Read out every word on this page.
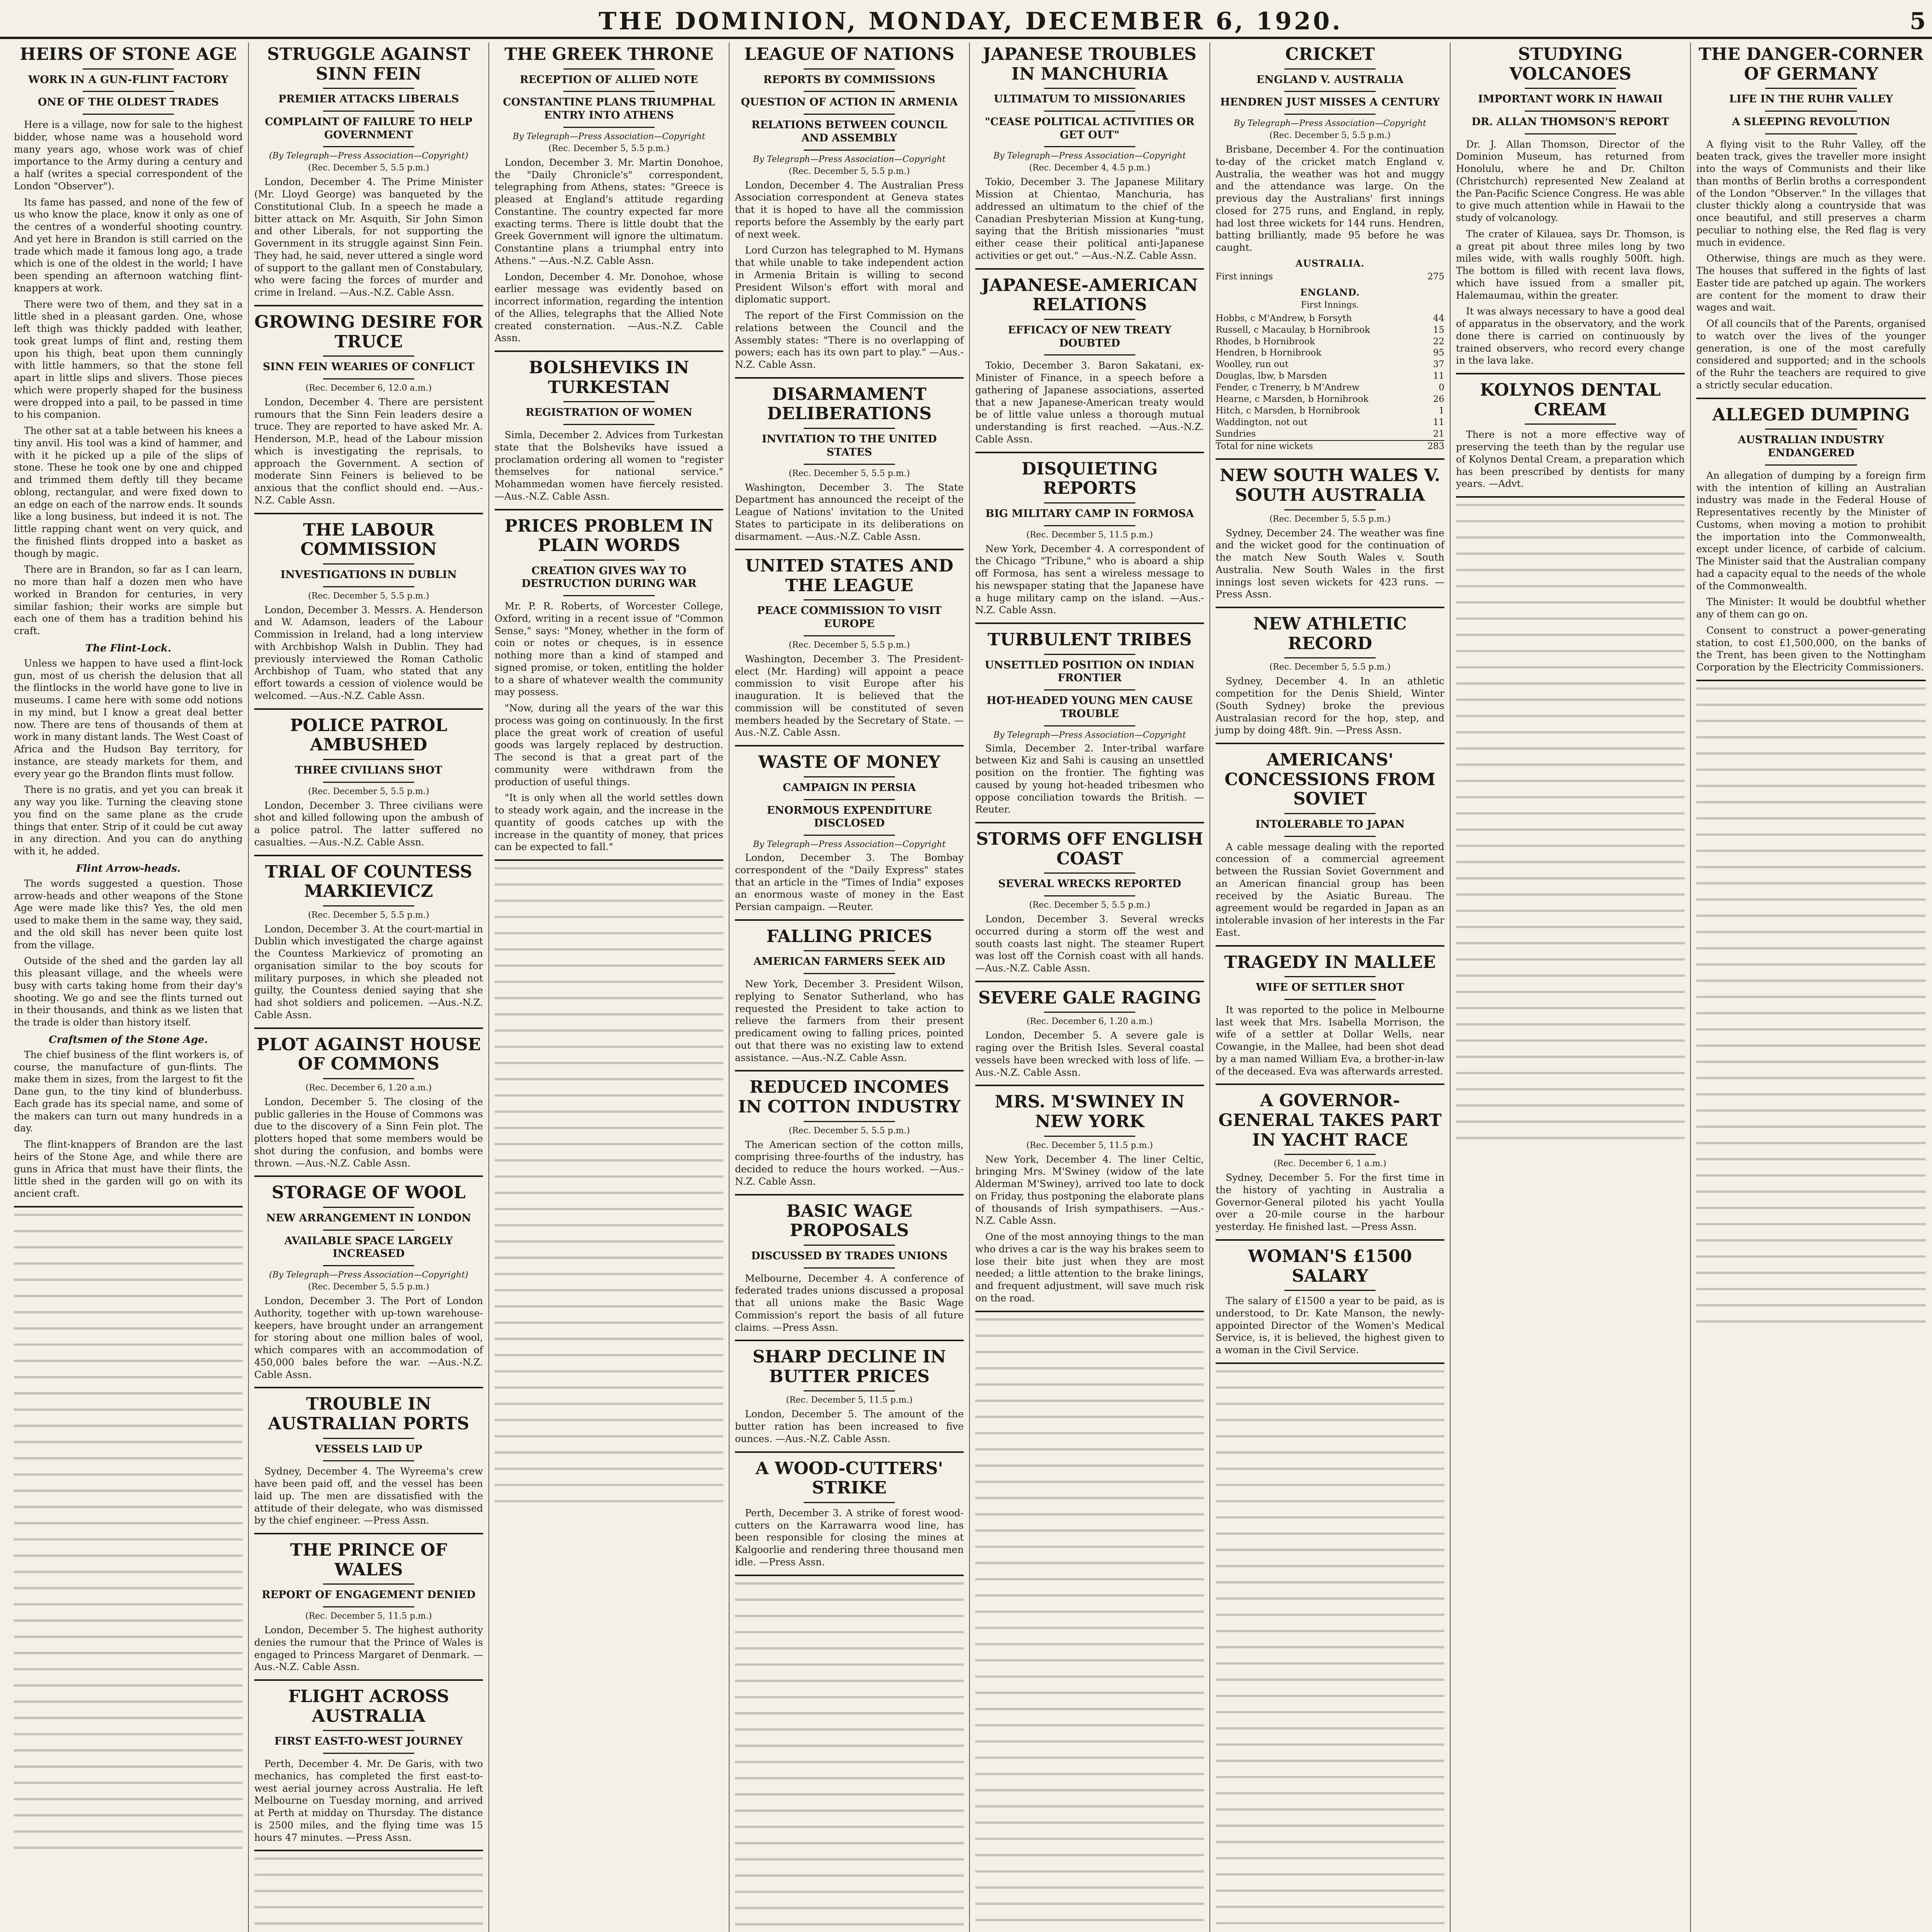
THE DOMINION, MONDAY, DECEMBER 6, 1920.	5
HEIRS OF STONE AGE
WORK IN A GUN-FLINT FACTORY
ONE OF THE OLDEST TRADES

Here is a village, now for sale to the highest bidder, whose name was a household word many years ago, whose work was of chief importance to the Army during a century and a half (writes a special correspondent of the London "Observer").

Its fame has passed, and none of the few of us who know the place, know it only as one of the centres of a wonderful shooting country. And yet here in Brandon is still carried on the trade which made it famous long ago, a trade which is one of the oldest in the world; I have been spending an afternoon watching flint-knappers at work.

There were two of them, and they sat in a little shed in a pleasant garden. One, whose left thigh was thickly padded with leather, took great lumps of flint and, resting them upon his thigh, beat upon them cunningly with little hammers, so that the stone fell apart in little slips and slivers. Those pieces which were properly shaped for the business were dropped into a pail, to be passed in time to his companion.

The other sat at a table between his knees a tiny anvil. His tool was a kind of hammer, and with it he picked up a pile of the slips of stone. These he took one by one and chipped and trimmed them deftly till they became oblong, rectangular, and were fixed down to an edge on each of the narrow ends. It sounds like a long business, but indeed it is not. The little rapping chant went on very quick, and the finished flints dropped into a basket as though by magic.

There are in Brandon, so far as I can learn, no more than half a dozen men who have worked in Brandon for centuries, in very similar fashion; their works are simple but each one of them has a tradition behind his craft.

The Flint-Lock.

Unless we happen to have used a flint-lock gun, most of us cherish the delusion that all the flintlocks in the world have gone to live in museums. I came here with some odd notions in my mind, but I know a great deal better now. There are tens of thousands of them at work in many distant lands. The West Coast of Africa and the Hudson Bay territory, for instance, are steady markets for them, and every year go the Brandon flints must follow.

There is no gratis, and yet you can break it any way you like. Turning the cleaving stone you find on the same plane as the crude things that enter. Strip of it could be cut away in any direction. And you can do anything with it, he added.

Flint Arrow-heads.

The words suggested a question. Those arrow-heads and other weapons of the Stone Age were made like this? Yes, the old men used to make them in the same way, they said, and the old skill has never been quite lost from the village.

Outside of the shed and the garden lay all this pleasant village, and the wheels were busy with carts taking home from their day's shooting. We go and see the flints turned out in their thousands, and think as we listen that the trade is older than history itself.

Craftsmen of the Stone Age.

The chief business of the flint workers is, of course, the manufacture of gun-flints. The make them in sizes, from the largest to fit the Dane gun, to the tiny kind of blunderbuss. Each grade has its special name, and some of the makers can turn out many hundreds in a day.

The flint-knappers of Brandon are the last heirs of the Stone Age, and while there are guns in Africa that must have their flints, the little shed in the garden will go on with its ancient craft.

STRUGGLE AGAINST SINN FEIN
PREMIER ATTACKS LIBERALS
COMPLAINT OF FAILURE TO HELP GOVERNMENT
(By Telegraph—Press Association—Copyright)
(Rec. December 5, 5.5 p.m.)

London, December 4. The Prime Minister (Mr. Lloyd George) was banqueted by the Constitutional Club. In a speech he made a bitter attack on Mr. Asquith, Sir John Simon and other Liberals, for not supporting the Government in its struggle against Sinn Fein. They had, he said, never uttered a single word of support to the gallant men of Constabulary, who were facing the forces of murder and crime in Ireland. —Aus.-N.Z. Cable Assn.

GROWING DESIRE FOR TRUCE
SINN FEIN WEARIES OF CONFLICT
(Rec. December 6, 12.0 a.m.)

London, December 4. There are persistent rumours that the Sinn Fein leaders desire a truce. They are reported to have asked Mr. A. Henderson, M.P., head of the Labour mission which is investigating the reprisals, to approach the Government. A section of moderate Sinn Feiners is believed to be anxious that the conflict should end. —Aus.-N.Z. Cable Assn.

THE LABOUR COMMISSION
INVESTIGATIONS IN DUBLIN
(Rec. December 5, 5.5 p.m.)

London, December 3. Messrs. A. Henderson and W. Adamson, leaders of the Labour Commission in Ireland, had a long interview with Archbishop Walsh in Dublin. They had previously interviewed the Roman Catholic Archbishop of Tuam, who stated that any effort towards a cession of violence would be welcomed. —Aus.-N.Z. Cable Assn.

POLICE PATROL AMBUSHED
THREE CIVILIANS SHOT
(Rec. December 5, 5.5 p.m.)

London, December 3. Three civilians were shot and killed following upon the ambush of a police patrol. The latter suffered no casualties. —Aus.-N.Z. Cable Assn.

TRIAL OF COUNTESS MARKIEVICZ
(Rec. December 5, 5.5 p.m.)

London, December 3. At the court-martial in Dublin which investigated the charge against the Countess Markievicz of promoting an organisation similar to the boy scouts for military purposes, in which she pleaded not guilty, the Countess denied saying that she had shot soldiers and policemen. —Aus.-N.Z. Cable Assn.

PLOT AGAINST HOUSE OF COMMONS
(Rec. December 6, 1.20 a.m.)

London, December 5. The closing of the public galleries in the House of Commons was due to the discovery of a Sinn Fein plot. The plotters hoped that some members would be shot during the confusion, and bombs were thrown. —Aus.-N.Z. Cable Assn.

STORAGE OF WOOL
NEW ARRANGEMENT IN LONDON
AVAILABLE SPACE LARGELY INCREASED
(By Telegraph—Press Association—Copyright)
(Rec. December 5, 5.5 p.m.)

London, December 3. The Port of London Authority, together with up-town warehouse-keepers, have brought under an arrangement for storing about one million bales of wool, which compares with an accommodation of 450,000 bales before the war. —Aus.-N.Z. Cable Assn.

TROUBLE IN AUSTRALIAN PORTS
VESSELS LAID UP

Sydney, December 4. The Wyreema's crew have been paid off, and the vessel has been laid up. The men are dissatisfied with the attitude of their delegate, who was dismissed by the chief engineer. —Press Assn.

THE PRINCE OF WALES
REPORT OF ENGAGEMENT DENIED
(Rec. December 5, 11.5 p.m.)

London, December 5. The highest authority denies the rumour that the Prince of Wales is engaged to Princess Margaret of Denmark. —Aus.-N.Z. Cable Assn.

FLIGHT ACROSS AUSTRALIA
FIRST EAST-TO-WEST JOURNEY

Perth, December 4. Mr. De Garis, with two mechanics, has completed the first east-to-west aerial journey across Australia. He left Melbourne on Tuesday morning, and arrived at Perth at midday on Thursday. The distance is 2500 miles, and the flying time was 15 hours 47 minutes. —Press Assn.

THE GREEK THRONE
RECEPTION OF ALLIED NOTE
CONSTANTINE PLANS TRIUMPHAL ENTRY INTO ATHENS
By Telegraph—Press Association—Copyright
(Rec. December 5, 5.5 p.m.)

London, December 3. Mr. Martin Donohoe, the "Daily Chronicle's" correspondent, telegraphing from Athens, states: "Greece is pleased at England's attitude regarding Constantine. The country expected far more exacting terms. There is little doubt that the Greek Government will ignore the ultimatum. Constantine plans a triumphal entry into Athens." —Aus.-N.Z. Cable Assn.

London, December 4. Mr. Donohoe, whose earlier message was evidently based on incorrect information, regarding the intention of the Allies, telegraphs that the Allied Note created consternation. —Aus.-N.Z. Cable Assn.

BOLSHEVIKS IN TURKESTAN
REGISTRATION OF WOMEN

Simla, December 2. Advices from Turkestan state that the Bolsheviks have issued a proclamation ordering all women to "register themselves for national service." Mohammedan women have fiercely resisted. —Aus.-N.Z. Cable Assn.

PRICES PROBLEM IN PLAIN WORDS
CREATION GIVES WAY TO DESTRUCTION DURING WAR

Mr. P. R. Roberts, of Worcester College, Oxford, writing in a recent issue of "Common Sense," says: "Money, whether in the form of coin or notes or cheques, is in essence nothing more than a kind of stamped and signed promise, or token, entitling the holder to a share of whatever wealth the community may possess.

"Now, during all the years of the war this process was going on continuously. In the first place the great work of creation of useful goods was largely replaced by destruction. The second is that a great part of the community were withdrawn from the production of useful things.

"It is only when all the world settles down to steady work again, and the increase in the quantity of goods catches up with the increase in the quantity of money, that prices can be expected to fall."

LEAGUE OF NATIONS
REPORTS BY COMMISSIONS
QUESTION OF ACTION IN ARMENIA
RELATIONS BETWEEN COUNCIL AND ASSEMBLY
By Telegraph—Press Association—Copyright
(Rec. December 5, 5.5 p.m.)

London, December 4. The Australian Press Association correspondent at Geneva states that it is hoped to have all the commission reports before the Assembly by the early part of next week.

Lord Curzon has telegraphed to M. Hymans that while unable to take independent action in Armenia Britain is willing to second President Wilson's effort with moral and diplomatic support.

The report of the First Commission on the relations between the Council and the Assembly states: "There is no overlapping of powers; each has its own part to play." —Aus.-N.Z. Cable Assn.

DISARMAMENT DELIBERATIONS
INVITATION TO THE UNITED STATES
(Rec. December 5, 5.5 p.m.)

Washington, December 3. The State Department has announced the receipt of the League of Nations' invitation to the United States to participate in its deliberations on disarmament. —Aus.-N.Z. Cable Assn.

UNITED STATES AND THE LEAGUE
PEACE COMMISSION TO VISIT EUROPE
(Rec. December 5, 5.5 p.m.)

Washington, December 3. The President-elect (Mr. Harding) will appoint a peace commission to visit Europe after his inauguration. It is believed that the commission will be constituted of seven members headed by the Secretary of State. —Aus.-N.Z. Cable Assn.

WASTE OF MONEY
CAMPAIGN IN PERSIA
ENORMOUS EXPENDITURE DISCLOSED
By Telegraph—Press Association—Copyright

London, December 3. The Bombay correspondent of the "Daily Express" states that an article in the "Times of India" exposes an enormous waste of money in the East Persian campaign. —Reuter.

FALLING PRICES
AMERICAN FARMERS SEEK AID

New York, December 3. President Wilson, replying to Senator Sutherland, who has requested the President to take action to relieve the farmers from their present predicament owing to falling prices, pointed out that there was no existing law to extend assistance. —Aus.-N.Z. Cable Assn.

REDUCED INCOMES IN COTTON INDUSTRY
(Rec. December 5, 5.5 p.m.)

The American section of the cotton mills, comprising three-fourths of the industry, has decided to reduce the hours worked. —Aus.-N.Z. Cable Assn.

BASIC WAGE PROPOSALS
DISCUSSED BY TRADES UNIONS

Melbourne, December 4. A conference of federated trades unions discussed a proposal that all unions make the Basic Wage Commission's report the basis of all future claims. —Press Assn.

SHARP DECLINE IN BUTTER PRICES
(Rec. December 5, 11.5 p.m.)

London, December 5. The amount of the butter ration has been increased to five ounces. —Aus.-N.Z. Cable Assn.

A WOOD-CUTTERS' STRIKE

Perth, December 3. A strike of forest wood-cutters on the Karrawarra wood line, has been responsible for closing the mines at Kalgoorlie and rendering three thousand men idle. —Press Assn.

JAPANESE TROUBLES IN MANCHURIA
ULTIMATUM TO MISSIONARIES
"CEASE POLITICAL ACTIVITIES OR GET OUT"
By Telegraph—Press Association—Copyright
(Rec. December 4, 4.5 p.m.)

Tokio, December 3. The Japanese Military Mission at Chientao, Manchuria, has addressed an ultimatum to the chief of the Canadian Presbyterian Mission at Kung-tung, saying that the British missionaries "must either cease their political anti-Japanese activities or get out." —Aus.-N.Z. Cable Assn.

JAPANESE-AMERICAN RELATIONS
EFFICACY OF NEW TREATY DOUBTED

Tokio, December 3. Baron Sakatani, ex-Minister of Finance, in a speech before a gathering of Japanese associations, asserted that a new Japanese-American treaty would be of little value unless a thorough mutual understanding is first reached. —Aus.-N.Z. Cable Assn.

DISQUIETING REPORTS
BIG MILITARY CAMP IN FORMOSA
(Rec. December 5, 11.5 p.m.)

New York, December 4. A correspondent of the Chicago "Tribune," who is aboard a ship off Formosa, has sent a wireless message to his newspaper stating that the Japanese have a huge military camp on the island. —Aus.-N.Z. Cable Assn.

TURBULENT TRIBES
UNSETTLED POSITION ON INDIAN FRONTIER
HOT-HEADED YOUNG MEN CAUSE TROUBLE
By Telegraph—Press Association—Copyright

Simla, December 2. Inter-tribal warfare between Kiz and Sahi is causing an unsettled position on the frontier. The fighting was caused by young hot-headed tribesmen who oppose conciliation towards the British. —Reuter.

STORMS OFF ENGLISH COAST
SEVERAL WRECKS REPORTED
(Rec. December 5, 5.5 p.m.)

London, December 3. Several wrecks occurred during a storm off the west and south coasts last night. The steamer Rupert was lost off the Cornish coast with all hands. —Aus.-N.Z. Cable Assn.

SEVERE GALE RAGING
(Rec. December 6, 1.20 a.m.)

London, December 5. A severe gale is raging over the British Isles. Several coastal vessels have been wrecked with loss of life. —Aus.-N.Z. Cable Assn.

MRS. M'SWINEY IN NEW YORK
(Rec. December 5, 11.5 p.m.)

New York, December 4. The liner Celtic, bringing Mrs. M'Swiney (widow of the late Alderman M'Swiney), arrived too late to dock on Friday, thus postponing the elaborate plans of thousands of Irish sympathisers. —Aus.-N.Z. Cable Assn.

One of the most annoying things to the man who drives a car is the way his brakes seem to lose their bite just when they are most needed; a little attention to the brake linings, and frequent adjustment, will save much risk on the road.

CRICKET
ENGLAND V. AUSTRALIA
HENDREN JUST MISSES A CENTURY
By Telegraph—Press Association—Copyright
(Rec. December 5, 5.5 p.m.)

Brisbane, December 4. For the continuation to-day of the cricket match England v. Australia, the weather was hot and muggy and the attendance was large. On the previous day the Australians' first innings closed for 275 runs, and England, in reply, had lost three wickets for 144 runs. Hendren, batting brilliantly, made 95 before he was caught.

AUSTRALIA.
First innings	275
ENGLAND.
First Innings.
Hobbs, c M'Andrew, b Forsyth	44
Russell, c Macaulay, b Hornibrook	15
Rhodes, b Hornibrook	22
Hendren, b Hornibrook	95
Woolley, run out	37
Douglas, lbw, b Marsden	11
Fender, c Trenerry, b M'Andrew	0
Hearne, c Marsden, b Hornibrook	26
Hitch, c Marsden, b Hornibrook	1
Waddington, not out	11
Sundries	21
Total for nine wickets	283
NEW SOUTH WALES V. SOUTH AUSTRALIA
(Rec. December 5, 5.5 p.m.)

Sydney, December 24. The weather was fine and the wicket good for the continuation of the match New South Wales v. South Australia. New South Wales in the first innings lost seven wickets for 423 runs. —Press Assn.

NEW ATHLETIC RECORD
(Rec. December 5, 5.5 p.m.)

Sydney, December 4. In an athletic competition for the Denis Shield, Winter (South Sydney) broke the previous Australasian record for the hop, step, and jump by doing 48ft. 9in. —Press Assn.

AMERICANS' CONCESSIONS FROM SOVIET
INTOLERABLE TO JAPAN

A cable message dealing with the reported concession of a commercial agreement between the Russian Soviet Government and an American financial group has been received by the Asiatic Bureau. The agreement would be regarded in Japan as an intolerable invasion of her interests in the Far East.

TRAGEDY IN MALLEE
WIFE OF SETTLER SHOT

It was reported to the police in Melbourne last week that Mrs. Isabella Morrison, the wife of a settler at Dollar Wells, near Cowangie, in the Mallee, had been shot dead by a man named William Eva, a brother-in-law of the deceased. Eva was afterwards arrested.

A GOVERNOR-GENERAL TAKES PART IN YACHT RACE
(Rec. December 6, 1 a.m.)

Sydney, December 5. For the first time in the history of yachting in Australia a Governor-General piloted his yacht Youlla over a 20-mile course in the harbour yesterday. He finished last. —Press Assn.

WOMAN'S £1500 SALARY

The salary of £1500 a year to be paid, as is understood, to Dr. Kate Manson, the newly-appointed Director of the Women's Medical Service, is, it is believed, the highest given to a woman in the Civil Service.

STUDYING VOLCANOES
IMPORTANT WORK IN HAWAII
DR. ALLAN THOMSON'S REPORT

Dr. J. Allan Thomson, Director of the Dominion Museum, has returned from Honolulu, where he and Dr. Chilton (Christchurch) represented New Zealand at the Pan-Pacific Science Congress. He was able to give much attention while in Hawaii to the study of volcanology.

The crater of Kilauea, says Dr. Thomson, is a great pit about three miles long by two miles wide, with walls roughly 500ft. high. The bottom is filled with recent lava flows, which have issued from a smaller pit, Halemaumau, within the greater.

It was always necessary to have a good deal of apparatus in the observatory, and the work done there is carried on continuously by trained observers, who record every change in the lava lake.

KOLYNOS DENTAL CREAM

There is not a more effective way of preserving the teeth than by the regular use of Kolynos Dental Cream, a preparation which has been prescribed by dentists for many years. —Advt.

THE DANGER-CORNER OF GERMANY
LIFE IN THE RUHR VALLEY
A SLEEPING REVOLUTION

A flying visit to the Ruhr Valley, off the beaten track, gives the traveller more insight into the ways of Communists and their like than months of Berlin broths a correspondent of the London "Observer." In the villages that cluster thickly along a countryside that was once beautiful, and still preserves a charm peculiar to nothing else, the Red flag is very much in evidence.

Otherwise, things are much as they were. The houses that suffered in the fights of last Easter tide are patched up again. The workers are content for the moment to draw their wages and wait.

Of all councils that of the Parents, organised to watch over the lives of the younger generation, is one of the most carefully considered and supported; and in the schools of the Ruhr the teachers are required to give a strictly secular education.

ALLEGED DUMPING
AUSTRALIAN INDUSTRY ENDANGERED

An allegation of dumping by a foreign firm with the intention of killing an Australian industry was made in the Federal House of Representatives recently by the Minister of Customs, when moving a motion to prohibit the importation into the Commonwealth, except under licence, of carbide of calcium. The Minister said that the Australian company had a capacity equal to the needs of the whole of the Commonwealth.

The Minister: It would be doubtful whether any of them can go on.

Consent to construct a power-generating station, to cost £1,500,000, on the banks of the Trent, has been given to the Nottingham Corporation by the Electricity Commissioners.
